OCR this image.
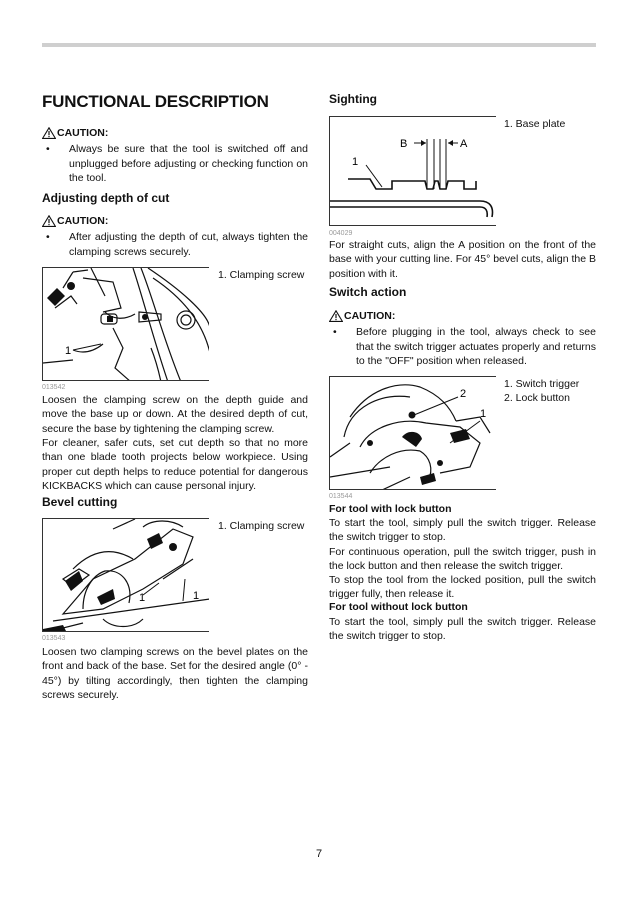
FUNCTIONAL DESCRIPTION
CAUTION:
•	Always be sure that the tool is switched off and unplugged before adjusting or checking function on the tool.
Adjusting depth of cut
CAUTION:
•	After adjusting the depth of cut, always tighten the clamping screws securely.
1
1. Clamping screw
013542
Loosen the clamping screw on the depth guide and move the base up or down. At the desired depth of cut, secure the base by tightening the clamping screw.
For cleaner, safer cuts, set cut depth so that no more than one blade tooth projects below workpiece. Using proper cut depth helps to reduce potential for dangerous KICKBACKS which can cause personal injury.
Bevel cutting
1	1
1. Clamping screw
013543
Loosen two clamping screws on the bevel plates on the front and back of the base. Set for the desired angle (0° - 45°) by tilting accordingly, then tighten the clamping screws securely.
Sighting
B	A
1
1. Base plate
004029
For straight cuts, align the A position on the front of the base with your cutting line. For 45° bevel cuts, align the B position with it.
Switch action
CAUTION:
•	Before plugging in the tool, always check to see that the switch trigger actuates properly and returns to the "OFF" position when released.
2
1
1. Switch trigger
2. Lock button
013544
For tool with lock button
To start the tool, simply pull the switch trigger. Release the switch trigger to stop.
For continuous operation, pull the switch trigger, push in the lock button and then release the switch trigger.
To stop the tool from the locked position, pull the switch trigger fully, then release it.
For tool without lock button
To start the tool, simply pull the switch trigger. Release the switch trigger to stop.
7
